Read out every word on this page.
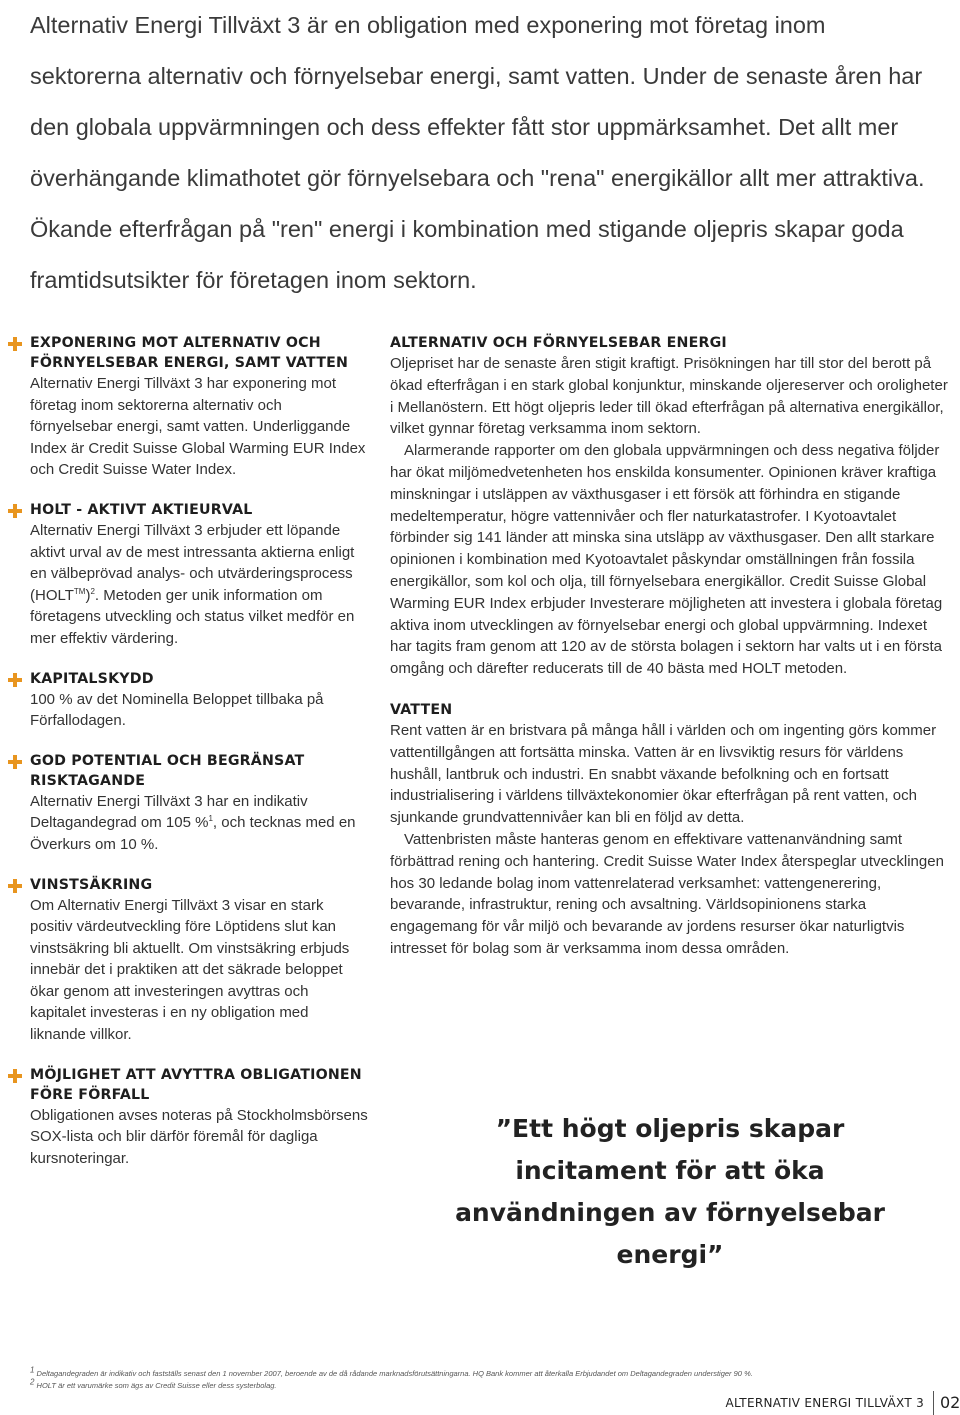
Alternativ Energi Tillväxt 3 är en obligation med exponering mot företag inom sektorerna alternativ och förnyelsebar energi, samt vatten. Under de senaste åren har den globala uppvärmningen och dess effekter fått stor uppmärksamhet. Det allt mer överhängande klimathotet gör förnyelsebara och "rena" energikällor allt mer attraktiva. Ökande efterfrågan på "ren" energi i kombination med stigande oljepris skapar goda framtidsutsikter för företagen inom sektorn.

EXPONERING MOT ALTERNATIV OCH FÖRNYELSEBAR ENERGI, SAMT VATTEN

Alternativ Energi Tillväxt 3 har exponering mot företag inom sektorerna alternativ och förnyelsebar energi, samt vatten. Underliggande Index är Credit Suisse Global Warming EUR Index och Credit Suisse Water Index.

HOLT - AKTIVT AKTIEURVAL

Alternativ Energi Tillväxt 3 erbjuder ett löpande aktivt urval av de mest intressanta aktierna enligt en välbeprövad analys- och utvärderingsprocess (HOLT™)$^2$. Metoden ger unik information om företagens utveckling och status vilket medför en mer effektiv värdering.

KAPITALSKYDD

100 % av det Nominella Beloppet tillbaka på Förfallodagen.

GOD POTENTIAL OCH BEGRÄNSAT RISKTAGANDE

Alternativ Energi Tillväxt 3 har en indikativ Deltagandegrad om 105 %$^1$, och tecknas med en Överkurs om 10 %.

VINSTSÄKRING

Om Alternativ Energi Tillväxt 3 visar en stark positiv värdeutveckling före Löptidens slut kan vinstsäkring bli aktuellt. Om vinstsäkring erbjuds innebär det i praktiken att det säkrade beloppet ökar genom att investeringen avyttras och kapitalet investeras i en ny obligation med liknande villkor.

MÖJLIGHET ATT AVYTTRA OBLIGATIONEN FÖRE FÖRFALL

Obligationen avses noteras på Stockholmsbörsens SOX-lista och blir därför föremål för dagliga kursnoteringar.

ALTERNATIV OCH FÖRNYELSEBAR ENERGI

Oljepriset har de senaste åren stigit kraftigt. Prisökningen har till stor del berott på ökad efterfrågan i en stark global konjunktur, minskande oljereserver och oroligheter i Mellanöstern. Ett högt oljepris leder till ökad efterfrågan på alternativa energikällor, vilket gynnar företag verksamma inom sektorn.

Alarmerande rapporter om den globala uppvärmningen och dess negativa följder har ökat miljömedvetenheten hos enskilda konsumenter. Opinionen kräver kraftiga minskningar i utsläppen av växthusgaser i ett försök att förhindra en stigande medeltemperatur, högre vattennivåer och fler naturkatastrofer. I Kyotoavtalet förbinder sig 141 länder att minska sina utsläpp av växthusgaser. Den allt starkare opinionen i kombination med Kyotoavtalet påskyndar omställningen från fossila energikällor, som kol och olja, till förnyelsebara energikällor. Credit Suisse Global Warming EUR Index erbjuder Investerare möjligheten att investera i globala företag aktiva inom utvecklingen av förnyelsebar energi och global uppvärmning. Indexet har tagits fram genom att 120 av de största bolagen i sektorn har valts ut i en första omgång och därefter reducerats till de 40 bästa med HOLT metoden.

VATTEN

Rent vatten är en bristvara på många håll i världen och om ingenting görs kommer vattentillgången att fortsätta minska. Vatten är en livsviktig resurs för världens hushåll, lantbruk och industri. En snabbt växande befolkning och en fortsatt industrialisering i världens tillväxtekonomier ökar efterfrågan på rent vatten, och sjunkande grundvattennivåer kan bli en följd av detta.

Vattenbristen måste hanteras genom en effektivare vattenanvändning samt förbättrad rening och hantering. Credit Suisse Water Index återspeglar utvecklingen hos 30 ledande bolag inom vattenrelaterad verksamhet: vattengenerering, bevarande, infrastruktur, rening och avsaltning. Världsopinionens starka engagemang för vår miljö och bevarande av jordens resurser ökar naturligtvis intresset för bolag som är verksamma inom dessa områden.

”Ett högt oljepris skapar incitament för att öka användningen av förnyelsebar energi”
$^1$ Deltagandegraden är indikativ och fastställs senast den 1 november 2007, beroende av de då rådande marknadsförutsättningarna. HQ Bank kommer att återkalla Erbjudandet om Deltagandegraden understiger 90 %.
$^2$ HOLT är ett varumärke som ägs av Credit Suisse eller dess systerbolag.
ALTERNATIV ENERGI TILLVÄXT 3 02
